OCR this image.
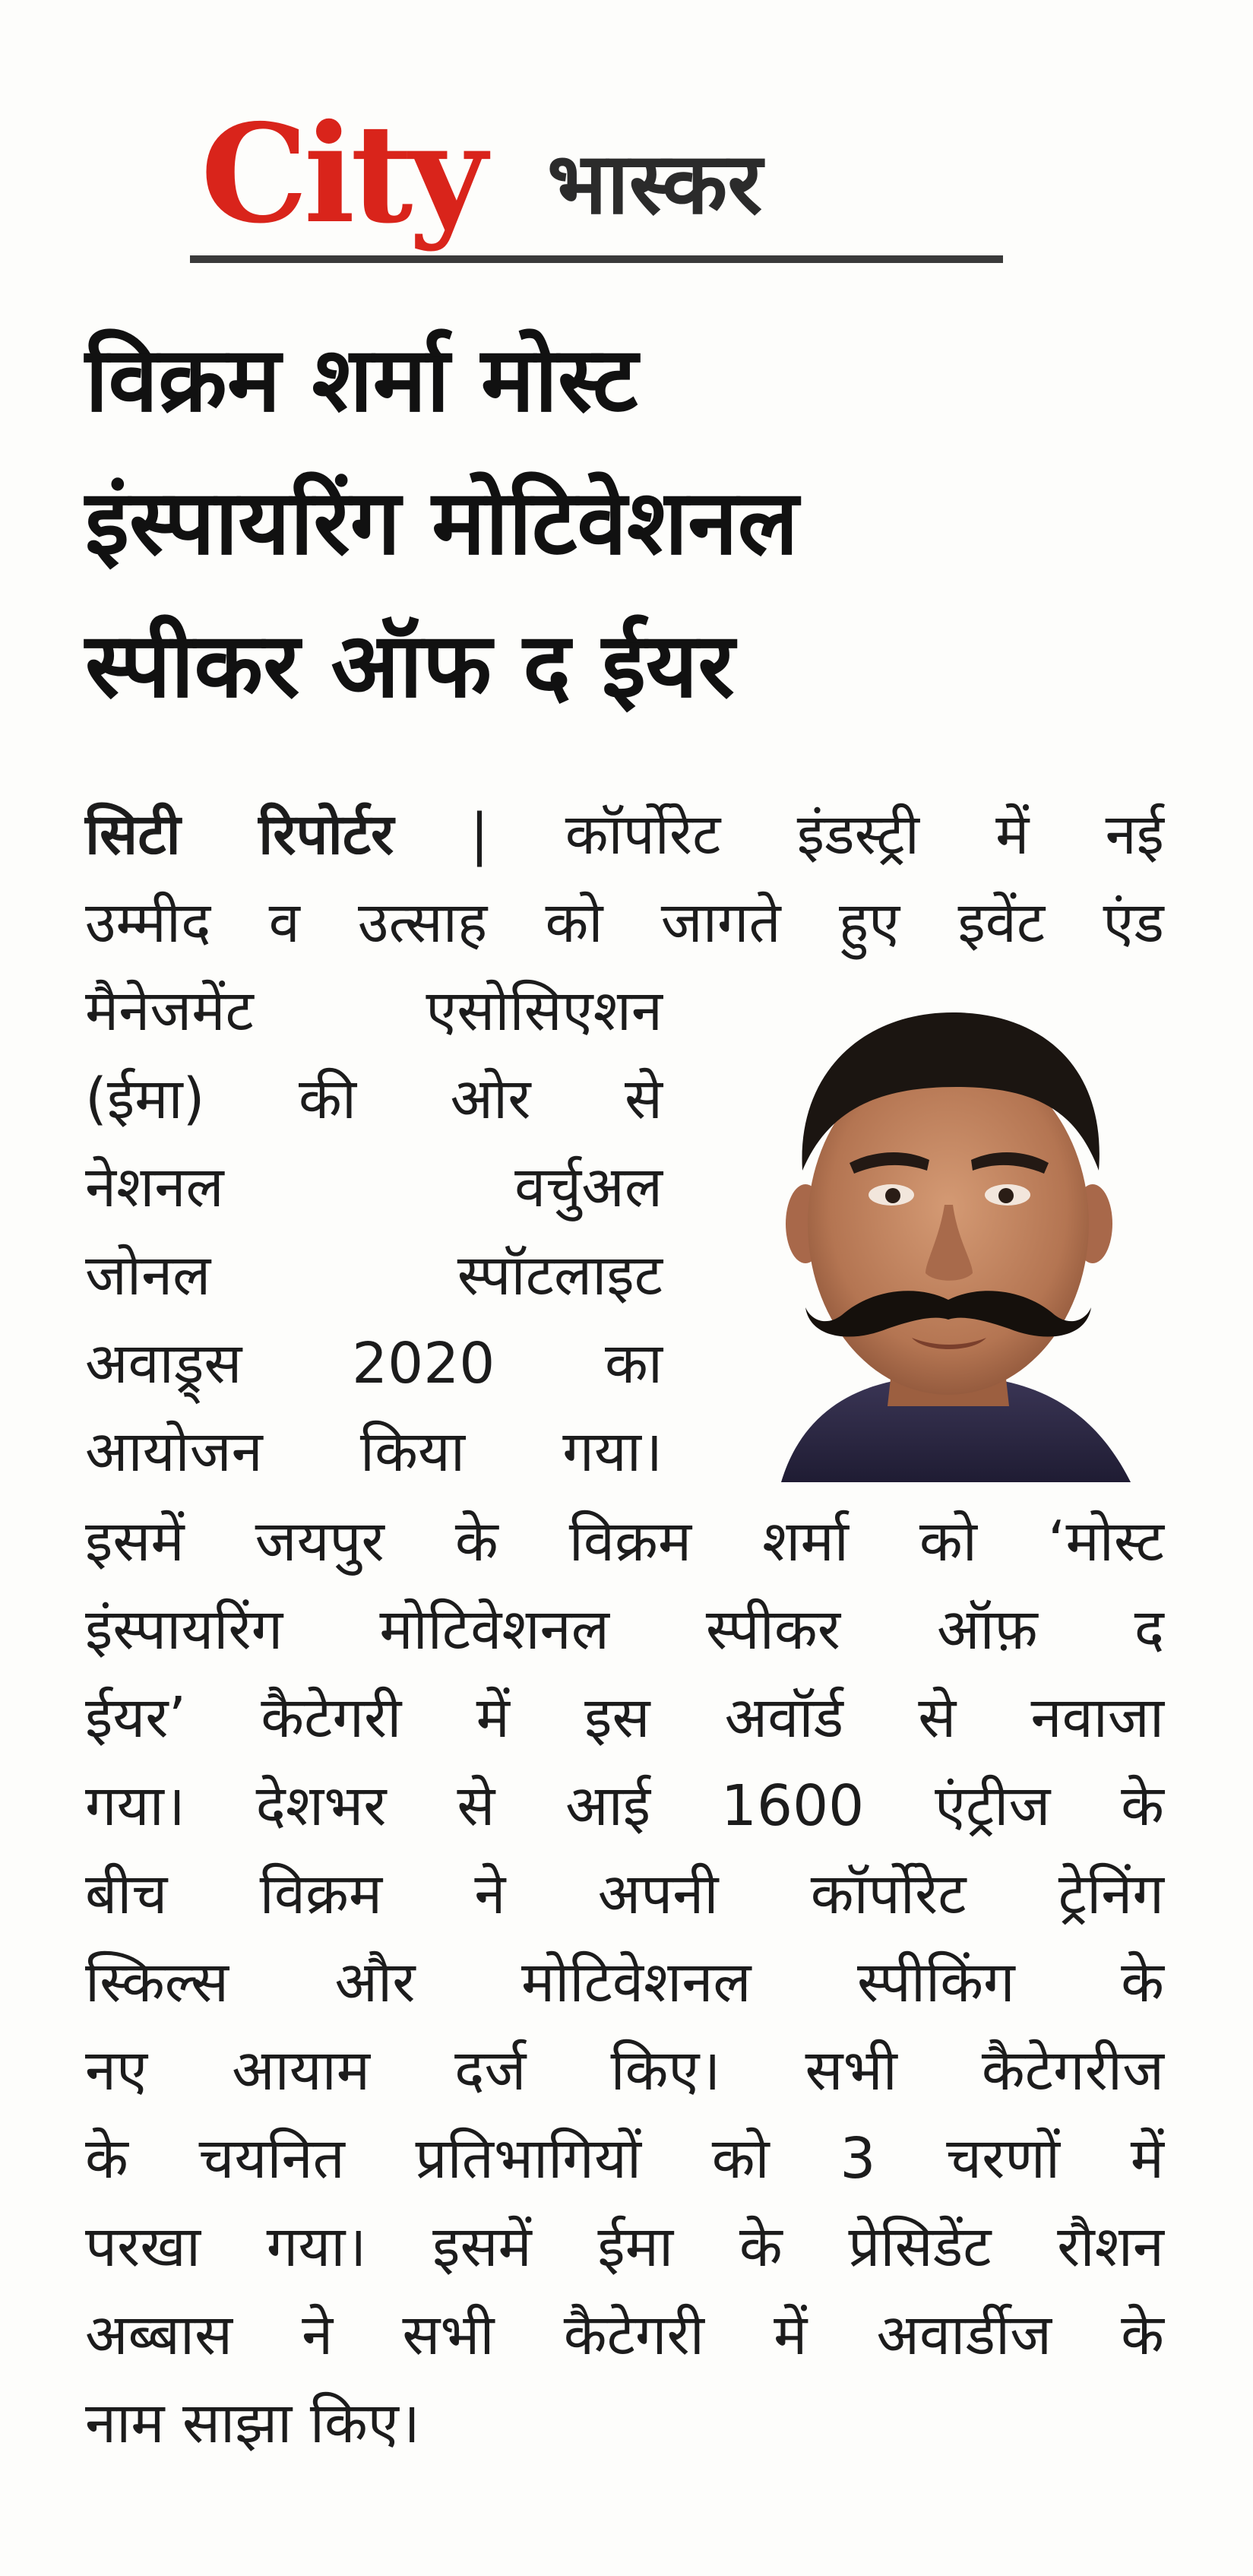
City भास्कर
विक्रम शर्मा मोस्ट
इंस्पायरिंग मोटिवेशनल
स्पीकर ऑफ द ईयर
सिटी रिपोर्टर | कॉर्पोरेट इंडस्ट्री में नई
उम्मीद व उत्साह को जागते हुए इवेंट एंड
मैनेजमेंट एसोसिएशन
(ईमा) की ओर से
नेशनल वर्चुअल
जोनल स्पॉटलाइट
अवाड्र्स 2020 का
आयोजन किया गया।
इसमें जयपुर के विक्रम शर्मा को ‘मोस्ट
इंस्पायरिंग मोटिवेशनल स्पीकर ऑफ़ द
ईयर’ कैटेगरी में इस अवॉर्ड से नवाजा
गया। देशभर से आई 1600 एंट्रीज के
बीच विक्रम ने अपनी कॉर्पोरेट ट्रेनिंग
स्किल्स और मोटिवेशनल स्पीकिंग के
नए आयाम दर्ज किए। सभी कैटेगरीज
के चयनित प्रतिभागियों को 3 चरणों में
परखा गया। इसमें ईमा के प्रेसिडेंट रौशन
अब्बास ने सभी कैटेगरी में अवार्डीज के
नाम साझा किए।
